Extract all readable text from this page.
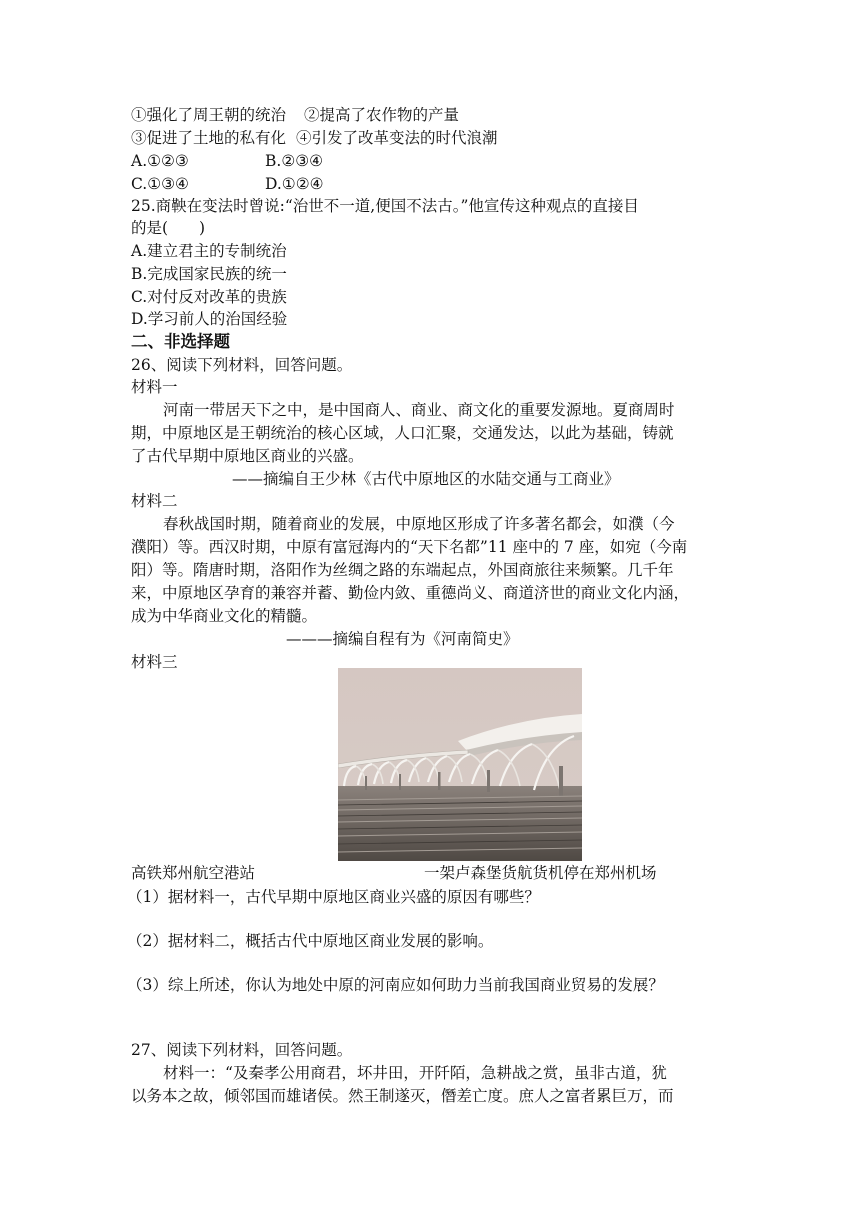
①强化了周王朝的统治 ②提高了农作物的产量
③促进了土地的私有化 ④引发了改革变法的时代浪潮
A.①②③	B.②③④
C.①③④	D.①②④
25.商鞅在变法时曾说:“治世不一道,便国不法古。”他宣传这种观点的直接目
的是(　　)
A.建立君主的专制统治
B.完成国家民族的统一
C.对付反对改革的贵族
D.学习前人的治国经验
二、非选择题
26、阅读下列材料，回答问题。
材料一
河南一带居天下之中，是中国商人、商业、商文化的重要发源地。夏商周时
期，中原地区是王朝统治的核心区域，人口汇聚，交通发达，以此为基础，铸就
了古代早期中原地区商业的兴盛。
——摘编自王少林《古代中原地区的水陆交通与工商业》
材料二
春秋战国时期，随着商业的发展，中原地区形成了许多著名都会，如濮（今
濮阳）等。西汉时期，中原有富冠海内的“天下名都”11 座中的 7 座，如宛（今南
阳）等。隋唐时期，洛阳作为丝绸之路的东端起点，外国商旅往来频繁。几千年
来，中原地区孕育的兼容并蓄、勤俭内敛、重德尚义、商道济世的商业文化内涵，
成为中华商业文化的精髓。
———摘编自程有为《河南简史》
材料三
高铁郑州航空港站	一架卢森堡货航货机停在郑州机场
（1）据材料一，古代早期中原地区商业兴盛的原因有哪些？
（2）据材料二，概括古代中原地区商业发展的影响。
（3）综上所述，你认为地处中原的河南应如何助力当前我国商业贸易的发展？
27、阅读下列材料，回答问题。
材料一：“及秦孝公用商君，坏井田，开阡陌，急耕战之赏，虽非古道，犹
以务本之故，倾邻国而雄诸侯。然王制遂灭，僭差亡度。庶人之富者累巨万，而
